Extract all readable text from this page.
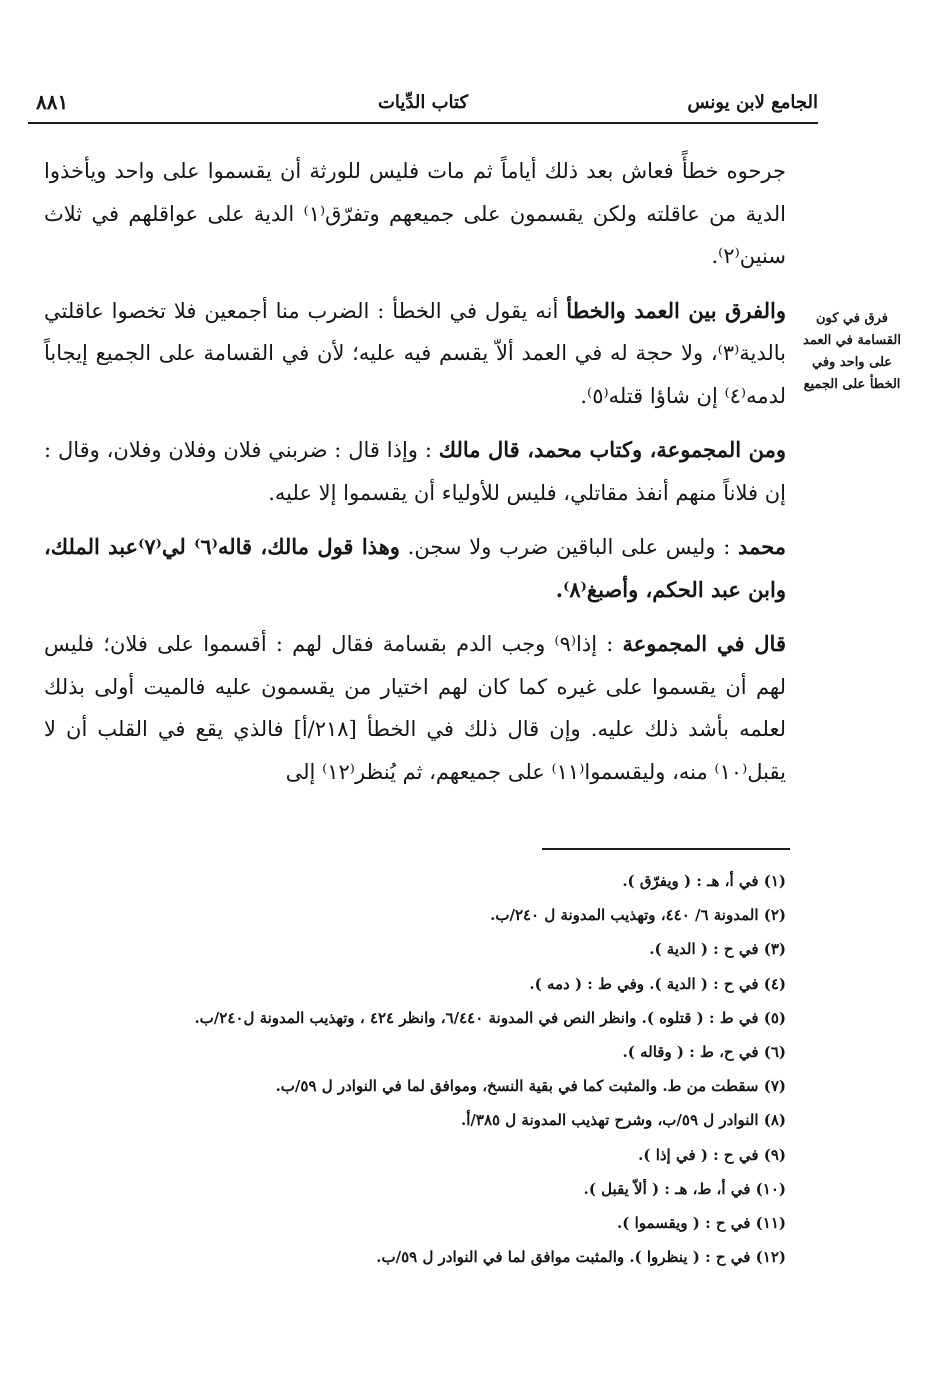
الجامع لابن يونس
كتاب الدِّيات
٨٨١

جرحوه خطأً فعاش بعد ذلك أياماً ثم مات فليس للورثة أن يقسموا على واحد ويأخذوا الدية من عاقلته ولكن يقسمون على جميعهم وتفرّق⁽١⁾ الدية على عواقلهم في ثلاث سنين⁽٢⁾.

والفرق بين العمد والخطأ أنه يقول في الخطأ : الضرب منا أجمعين فلا تخصوا عاقلتي بالدية⁽٣⁾، ولا حجة له في العمد ألاّ يقسم فيه عليه؛ لأن في القسامة على الجميع إيجاباً لدمه⁽٤⁾ إن شاؤا قتله⁽٥⁾.

ومن المجموعة، وكتاب محمد، قال مالك : وإذا قال : ضربني فلان وفلان وفلان، وقال : إن فلاناً منهم أنفذ مقاتلي، فليس للأولياء أن يقسموا إلا عليه.

محمد : وليس على الباقين ضرب ولا سجن. وهذا قول مالك، قاله⁽٦⁾ لي⁽٧⁾عبد الملك، وابن عبد الحكم، وأصبغ⁽٨⁾.

قال في المجموعة : إذا⁽٩⁾ وجب الدم بقسامة فقال لهم : أقسموا على فلان؛ فليس لهم أن يقسموا على غيره كما كان لهم اختيار من يقسمون عليه فالميت أولى بذلك لعلمه بأشد ذلك عليه. وإن قال ذلك في الخطأ [٢١٨/أ] فالذي يقع في القلب أن لا يقبل⁽١٠⁾ منه، وليقسموا⁽١١⁾ على جميعهم، ثم يُنظر⁽١٢⁾ إلى

فرق في كون القسامة في العمد على واحد وفي الخطأ على الجميع
(١) في أ، هـ : ( ويفرّق ).
(٢) المدونة ٦/ ٤٤٠، وتهذيب المدونة ل ٢٤٠/ب.
(٣) في ح : ( الدية ).
(٤) في ح : ( الدية ). وفي ط : ( دمه ).
(٥) في ط : ( قتلوه ). وانظر النص في المدونة ٦/٤٤٠، وانظر ٤٢٤ ، وتهذيب المدونة ل٢٤٠/ب.
(٦) في ح، ط : ( وقاله ).
(٧) سقطت من ط. والمثبت كما في بقية النسخ، وموافق لما في النوادر ل ٥٩/ب.
(٨) النوادر ل ٥٩/ب، وشرح تهذيب المدونة ل ٣٨٥/أ.
(٩) في ح : ( في إذا ).
(١٠) في أ، ط، هـ : ( ألاّ يقبل ).
(١١) في ح : ( ويقسموا ).
(١٢) في ح : ( ينظروا ). والمثبت موافق لما في النوادر ل ٥٩/ب.
